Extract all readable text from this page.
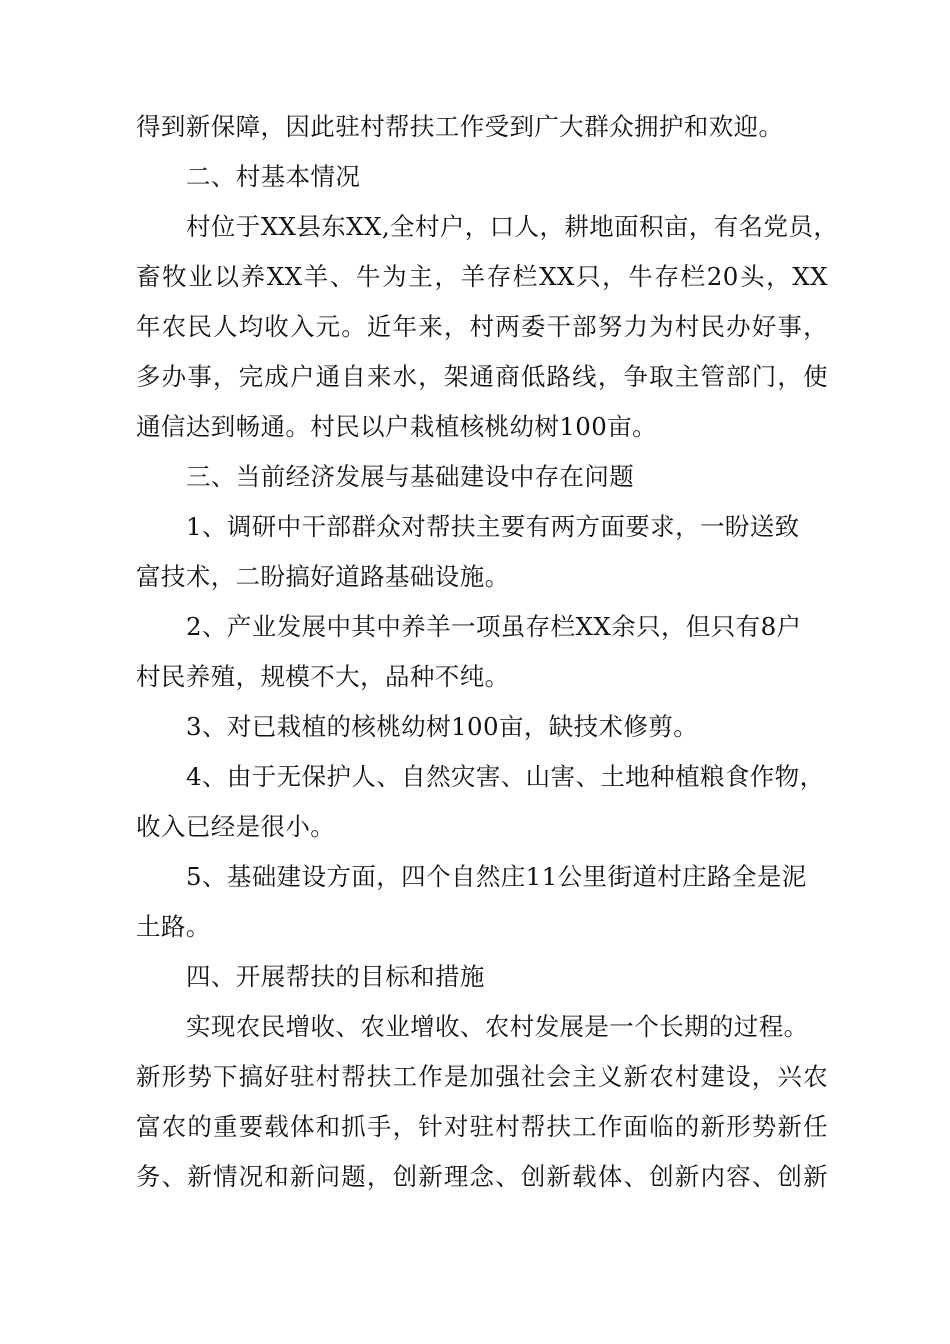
得到新保障，因此驻村帮扶工作受到广大群众拥护和欢迎。
二、村基本情况
村位于XX县东XX,全村户，口人，耕地面积亩，有名党员，
畜牧业以养XX羊、牛为主，羊存栏XX只，牛存栏20头，XX
年农民人均收入元。近年来，村两委干部努力为村民办好事，
多办事，完成户通自来水，架通商低路线，争取主管部门，使
通信达到畅通。村民以户栽植核桃幼树100亩。
三、当前经济发展与基础建设中存在问题
1、调研中干部群众对帮扶主要有两方面要求，一盼送致
富技术，二盼搞好道路基础设施。
2、产业发展中其中养羊一项虽存栏XX余只，但只有8户
村民养殖，规模不大，品种不纯。
3、对已栽植的核桃幼树100亩，缺技术修剪。
4、由于无保护人、自然灾害、山害、土地种植粮食作物，
收入已经是很小。
5、基础建设方面，四个自然庄11公里街道村庄路全是泥
土路。
四、开展帮扶的目标和措施
实现农民增收、农业增收、农村发展是一个长期的过程。
新形势下搞好驻村帮扶工作是加强社会主义新农村建设，兴农
富农的重要载体和抓手，针对驻村帮扶工作面临的新形势新任
务、新情况和新问题，创新理念、创新载体、创新内容、创新
